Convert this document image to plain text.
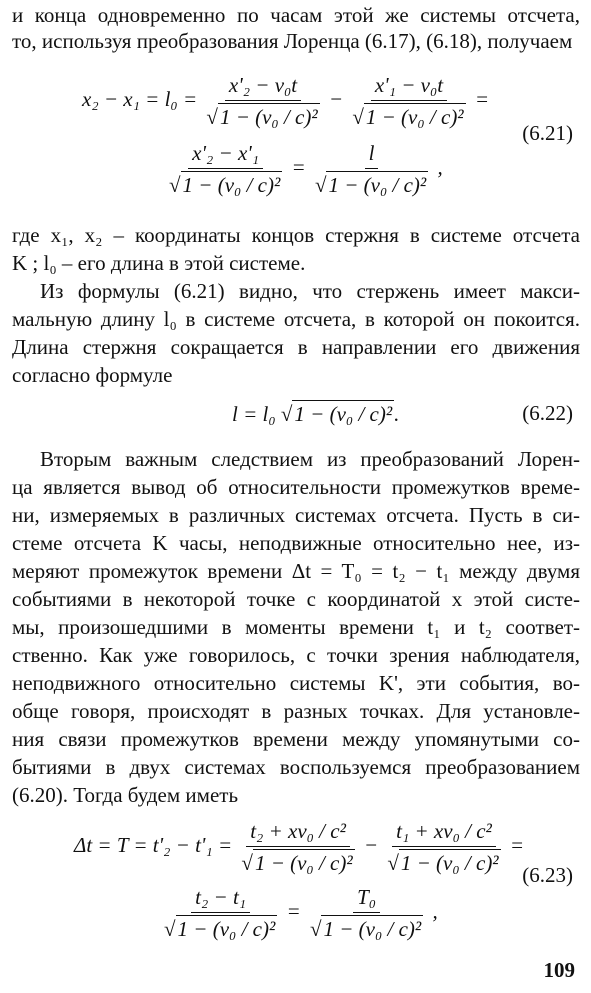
и конца одновременно по часам этой же системы отсчета,
то, используя преобразования Лоренца (6.17), (6.18), получаем
$x_2 - x_1 = l_0 = \frac{\text{x'₂ − v₀t}}{\text{√1 − (v₀ / c)²}} - \frac{\text{x'₁ − v₀t}}{\text{√1 − (v₀ / c)²}}$ =
$\frac{\text{x'₂ − x'₁}}{\text{√1 − (v₀ / c)²}} = \frac{l}{\text{√1 − (v₀ / c)²}}$ ,
(6.21)
где x₁, x₂ – координаты концов стержня в системе отсчета
K ; l₀ – его длина в этой системе.
Из формулы (6.21) видно, что стержень имеет макси-
мальную длину l₀ в системе отсчета, в которой он покоится.
Длина стержня сокращается в направлении его движения
согласно формуле
l = l₀ √1 − (v₀ / c)².	(6.22)
Вторым важным следствием из преобразований Лорен-
ца является вывод об относительности промежутков време-
ни, измеряемых в различных системах отсчета. Пусть в си-
стеме отсчета K часы, неподвижные относительно нее, из-
меряют промежуток времени Δt = T₀ = t₂ − t₁ между двумя
событиями в некоторой точке с координатой x этой систе-
мы, произошедшими в моменты времени t₁ и t₂ соответ-
ственно. Как уже говорилось, с точки зрения наблюдателя,
неподвижного относительно системы K', эти события, во-
обще говоря, происходят в разных точках. Для установле-
ния связи промежутков времени между упомянутыми со-
бытиями в двух системах воспользуемся преобразованием
(6.20). Тогда будем иметь
$\Delta t = T = t'_2 - t'_1 = \frac{\text{t₂ + xv₀ / c²}}{\text{√1 − (v₀ / c)²}} - \frac{\text{t₁ + xv₀ / c²}}{\text{√1 − (v₀ / c)²}}$ =
$\frac{\text{t₂ − t₁}}{\text{√1 − (v₀ / c)²}} = \frac{\text{T₀}}{\text{√1 − (v₀ / c)²}}$ ,
(6.23)
109
